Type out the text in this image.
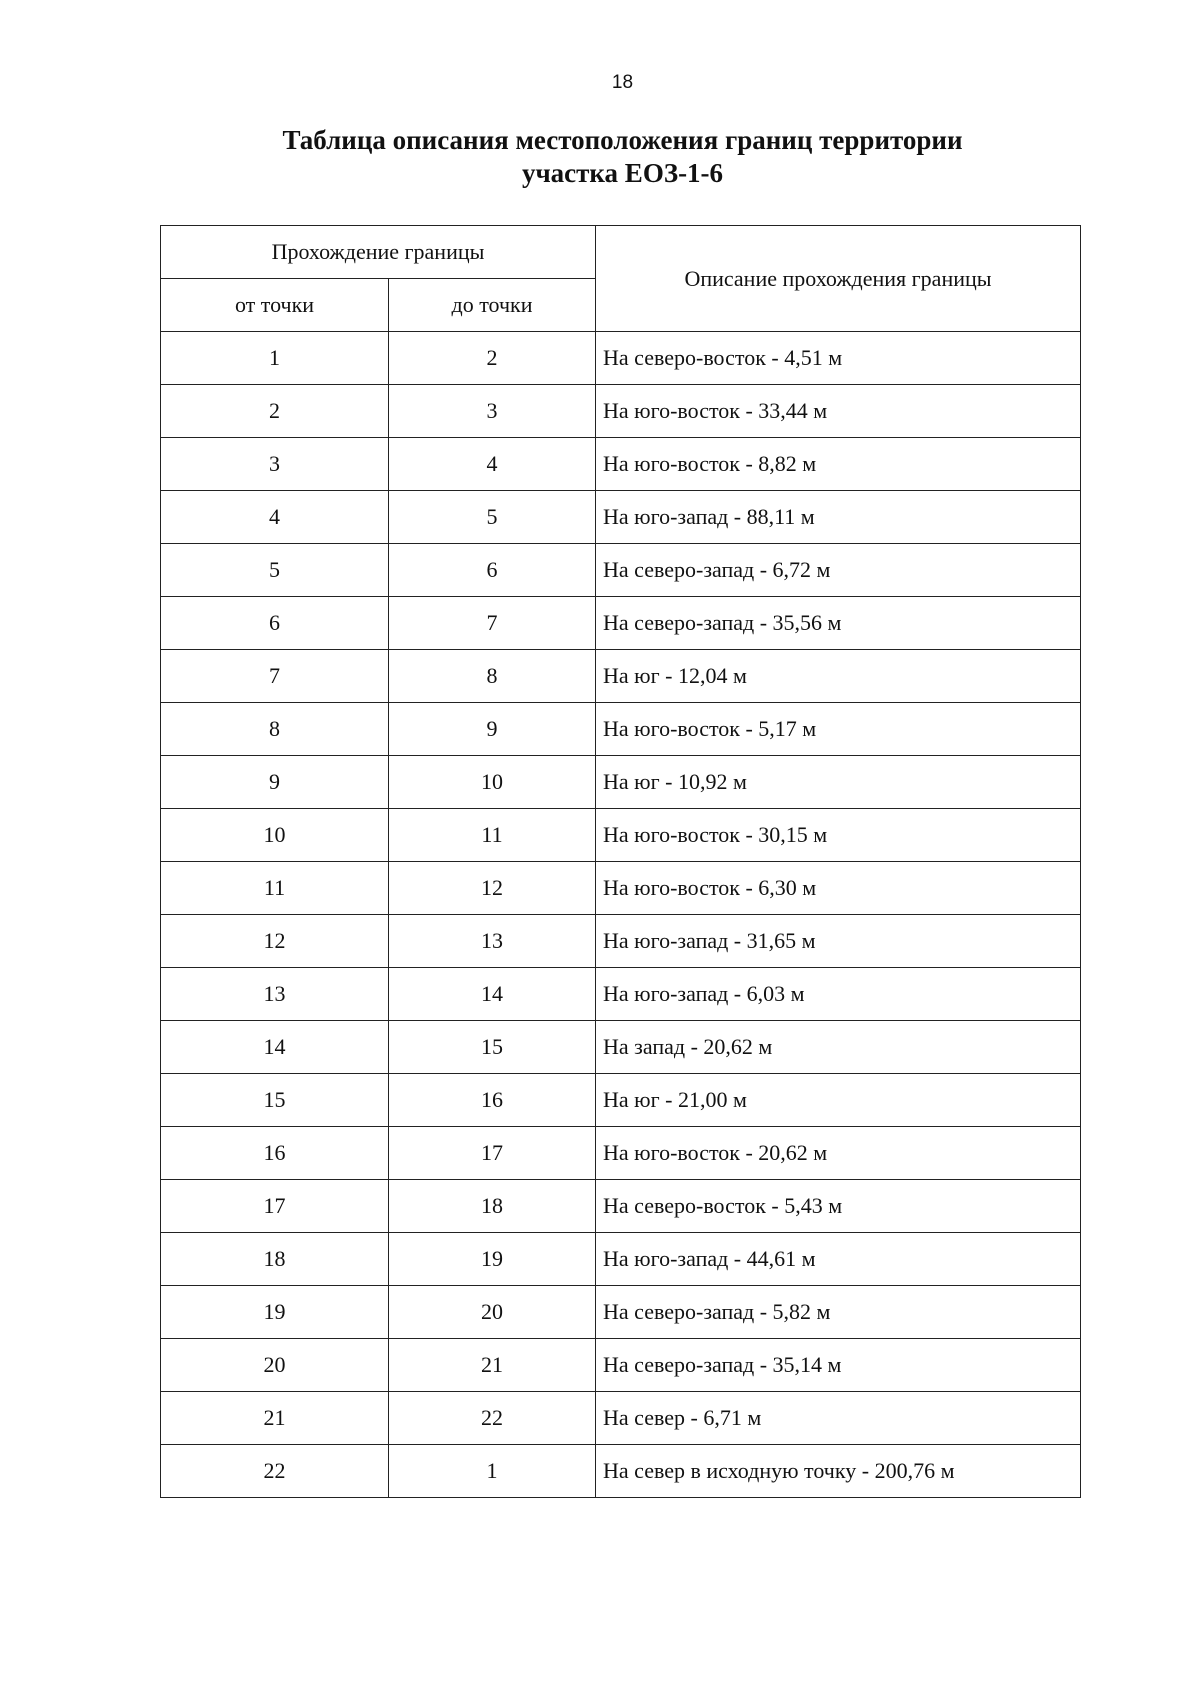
18
Таблица описания местоположения границ территории
участка ЕОЗ-1-6
Прохождение границы		Описание прохождения границы
от точки	до точки	
1	2	На северо-восток - 4,51 м
2	3	На юго-восток - 33,44 м
3	4	На юго-восток - 8,82 м
4	5	На юго-запад - 88,11 м
5	6	На северо-запад - 6,72 м
6	7	На северо-запад - 35,56 м
7	8	На юг - 12,04 м
8	9	На юго-восток - 5,17 м
9	10	На юг - 10,92 м
10	11	На юго-восток - 30,15 м
11	12	На юго-восток - 6,30 м
12	13	На юго-запад - 31,65 м
13	14	На юго-запад - 6,03 м
14	15	На запад - 20,62 м
15	16	На юг - 21,00 м
16	17	На юго-восток - 20,62 м
17	18	На северо-восток - 5,43 м
18	19	На юго-запад - 44,61 м
19	20	На северо-запад - 5,82 м
20	21	На северо-запад - 35,14 м
21	22	На север - 6,71 м
22	1	На север в исходную точку - 200,76 м
